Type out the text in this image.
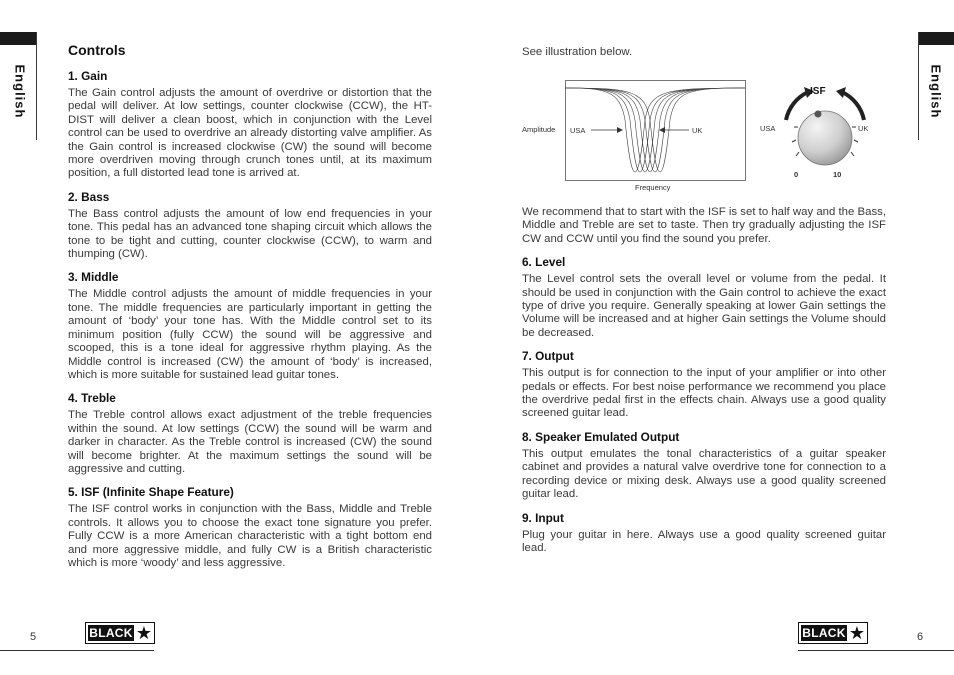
English	English
Controls
1. Gain

The Gain control adjusts the amount of overdrive or distortion that the pedal will deliver. At low settings, counter clockwise (CCW), the HT-DIST will deliver a clean boost, which in conjunction with the Level control can be used to overdrive an already distorting valve amplifier. As the Gain control is increased clockwise (CW) the sound will become more overdriven moving through crunch tones until, at its maximum position, a full distorted lead tone is arrived at.

2. Bass

The Bass control adjusts the amount of low end frequencies in your tone. This pedal has an advanced tone shaping circuit which allows the tone to be tight and cutting, counter clockwise (CCW), to warm and thumping (CW).

3. Middle

The Middle control adjusts the amount of middle frequencies in your tone. The middle frequencies are particularly important in getting the amount of ‘body’ your tone has. With the Middle control set to its minimum position (fully CCW) the sound will be aggressive and scooped, this is a tone ideal for aggressive rhythm playing. As the Middle control is increased (CW) the amount of ‘body’ is increased, which is more suitable for sustained lead guitar tones.

4. Treble

The Treble control allows exact adjustment of the treble frequencies within the sound. At low settings (CCW) the sound will be warm and darker in character. As the Treble control is increased (CW) the sound will become brighter. At the maximum settings the sound will be aggressive and cutting.

5. ISF (Infinite Shape Feature)

The ISF control works in conjunction with the Bass, Middle and Treble controls. It allows you to choose the exact tone signature you prefer. Fully CCW is a more American characteristic with a tight bottom end and more aggressive middle, and fully CW is a British characteristic which is more ‘woody’ and less aggressive.

See illustration below.

Amplitude
Frequency
USA	UK
ISF
USA	UK
0	10

We recommend that to start with the ISF is set to half way and the Bass, Middle and Treble are set to taste. Then try gradually adjusting the ISF CW and CCW until you find the sound you prefer.

6. Level

The Level control sets the overall level or volume from the pedal. It should be used in conjunction with the Gain control to achieve the exact type of drive you require. Generally speaking at lower Gain settings the Volume will be increased and at higher Gain settings the Volume should be decreased.

7. Output

This output is for connection to the input of your amplifier or into other pedals or effects. For best noise performance we recommend you place the overdrive pedal first in the effects chain. Always use a good quality screened guitar lead.

8. Speaker Emulated Output

This output emulates the tonal characteristics of a guitar speaker cabinet and provides a natural valve overdrive tone for connection to a recording device or mixing desk. Always use a good quality screened guitar lead.

9. Input

Plug your guitar in here. Always use a good quality screened guitar lead.

5	BLACK ★	BLACK ★	6
